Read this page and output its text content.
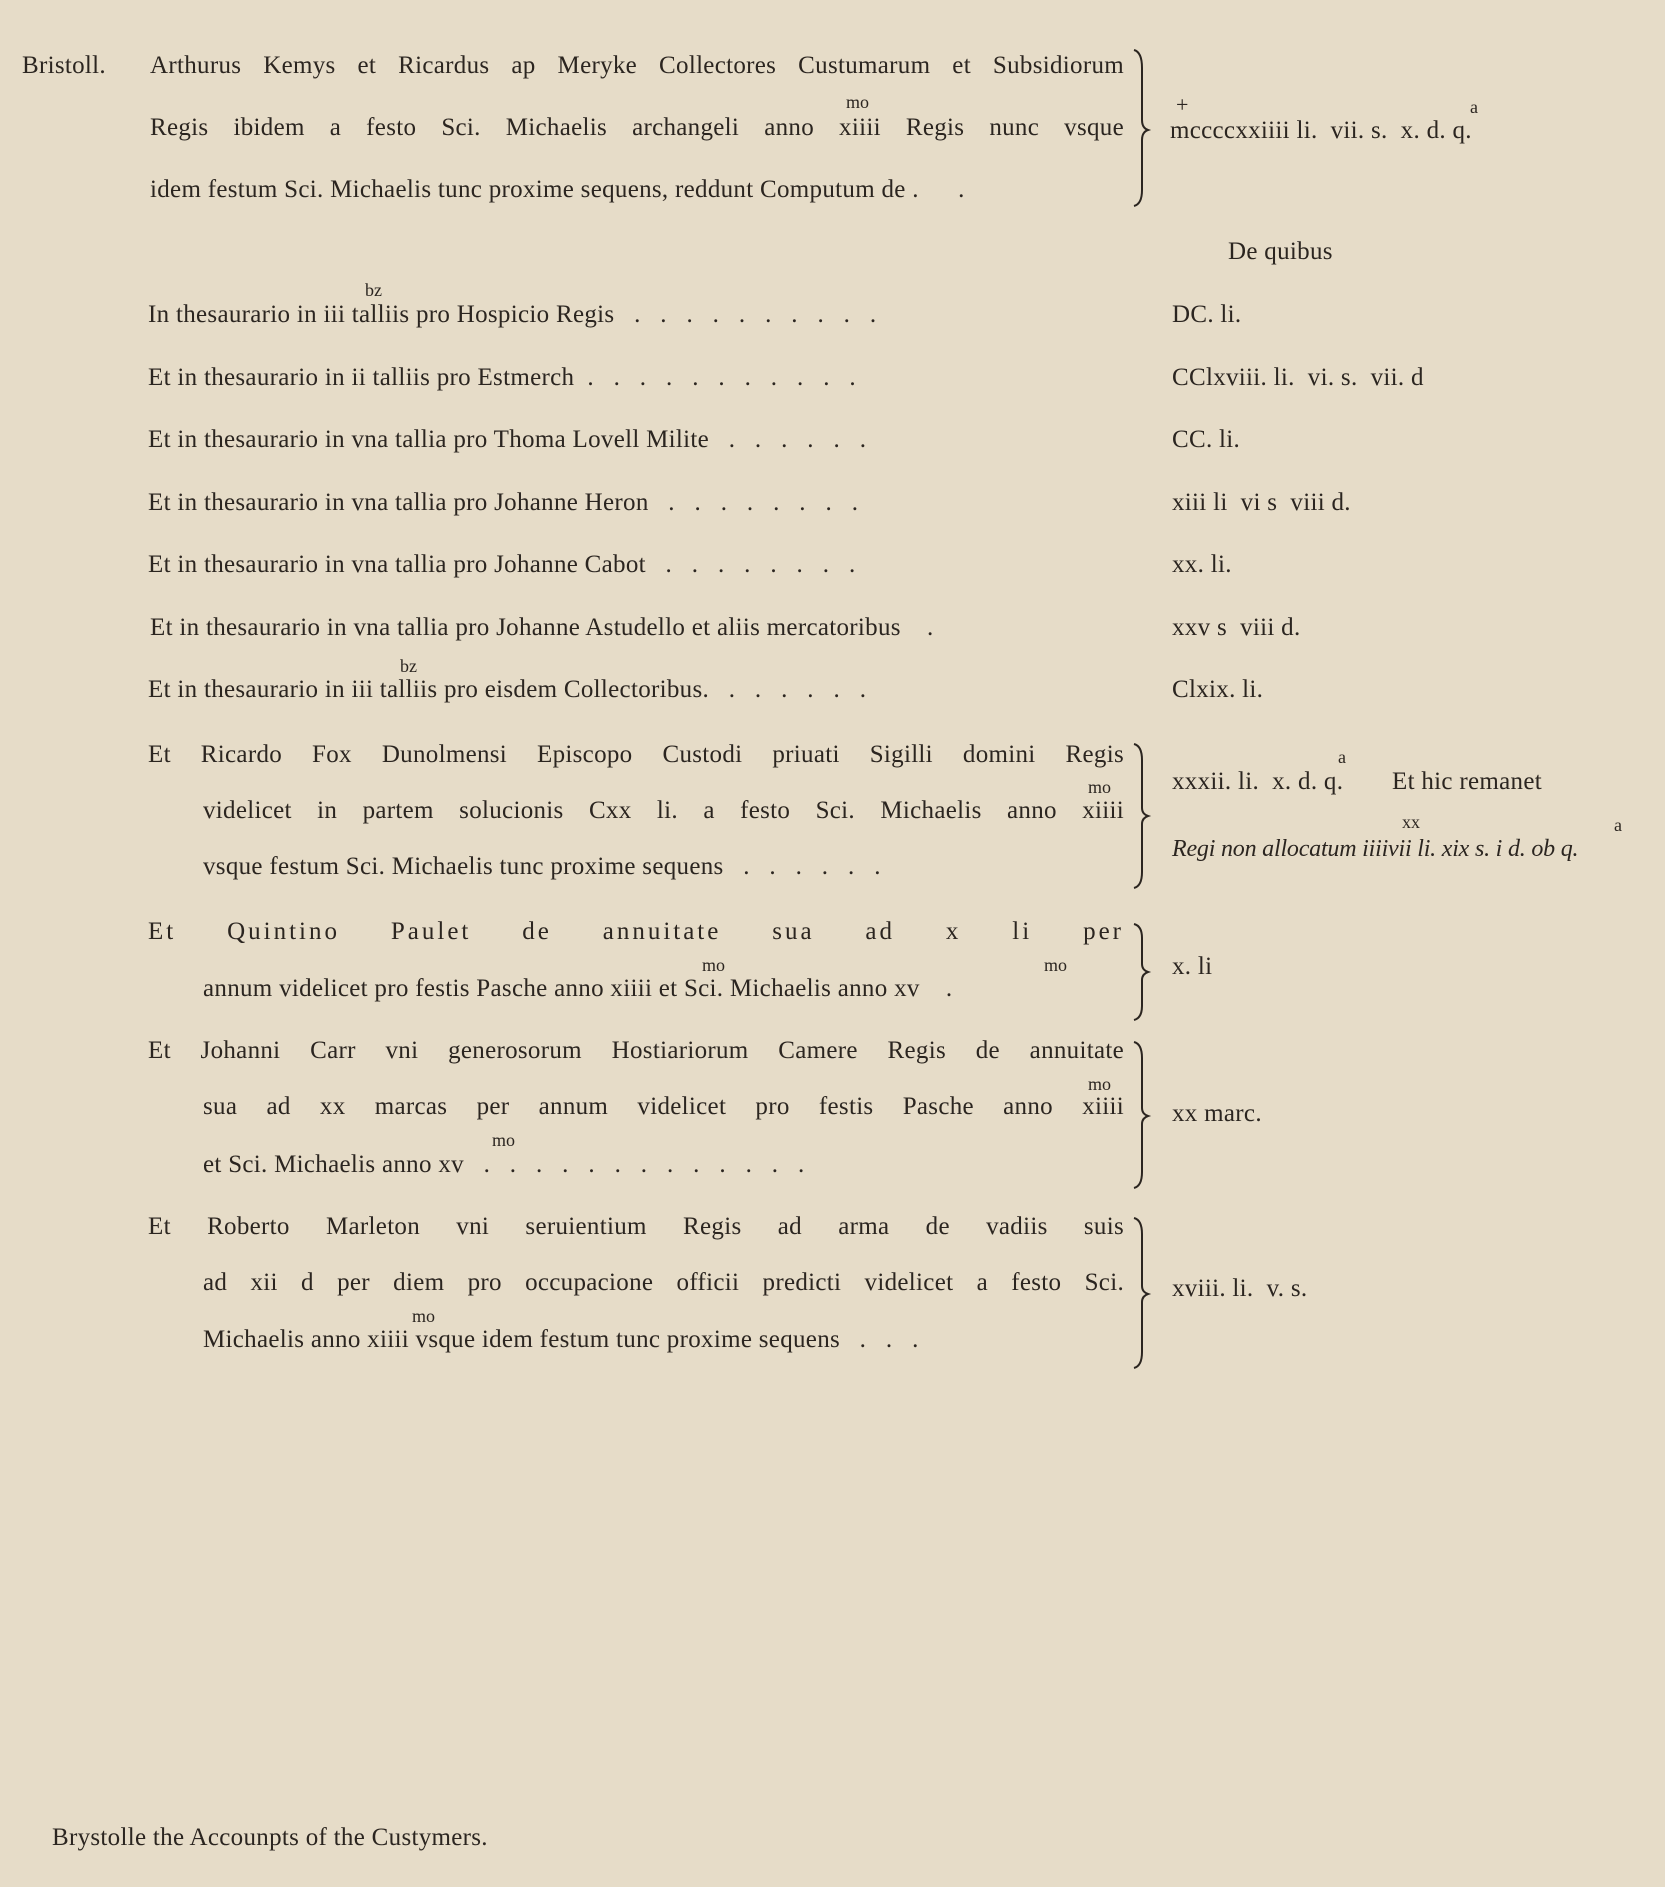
Bristoll. Arthurus Kemys et Ricardus ap Meryke Collectores Custumarum et Subsidiorum
mo
Regis ibidem a festo Sci. Michaelis archangeli anno xiiii Regis nunc vsque
idem festum Sci. Michaelis tunc proxime sequens, reddunt Computum de .      .
+	a
mccccxxiiii li.  vii. s.  x. d. q.
De quibus
bz
In thesaurario in iii talliis pro Hospicio Regis   .   .   .   .   .   .   .   .   .   .	DC. li.
Et in thesaurario in ii talliis pro Estmerch  .   .   .   .   .   .   .   .   .   .   .	CClxviii. li.  vi. s.  vii. d
Et in thesaurario in vna tallia pro Thoma Lovell Milite   .   .   .   .   .   .	CC. li.
Et in thesaurario in vna tallia pro Johanne Heron   .   .   .   .   .   .   .   .	xiii li  vi s  viii d.
Et in thesaurario in vna tallia pro Johanne Cabot   .   .   .   .   .   .   .   .	xx. li.
Et in thesaurario in vna tallia pro Johanne Astudello et aliis mercatoribus    .	xxv s  viii d.
bz
Et in thesaurario in iii talliis pro eisdem Collectoribus.   .   .   .   .   .   .	Clxix. li.
Et Ricardo Fox Dunolmensi Episcopo Custodi priuati Sigilli domini Regis
mo
videlicet in partem solucionis Cxx li. a festo Sci. Michaelis anno xiiii
vsque festum Sci. Michaelis tunc proxime sequens   .   .   .   .   .   .
a
xxxii. li.  x. d. q. Et hic remanet
xx	a
Regi non allocatum iiiivii li. xix s. i d. ob q.
Et Quintino Paulet de annuitate sua ad x li per
mo	mo
annum videlicet pro festis Pasche anno xiiii et Sci. Michaelis anno xv    .
x. li
Et Johanni Carr vni generosorum Hostiariorum Camere Regis de annuitate
mo
sua ad xx marcas per annum videlicet pro festis Pasche anno xiiii
mo
et Sci. Michaelis anno xv   .   .   .   .   .   .   .   .   .   .   .   .   .
xx marc.
Et Roberto Marleton vni seruientium Regis ad arma de vadiis suis
ad xii d per diem pro occupacione officii predicti videlicet a festo Sci.
mo
Michaelis anno xiiii vsque idem festum tunc proxime sequens   .   .   .
xviii. li.  v. s.
Brystolle the Accounpts of the Custymers.
